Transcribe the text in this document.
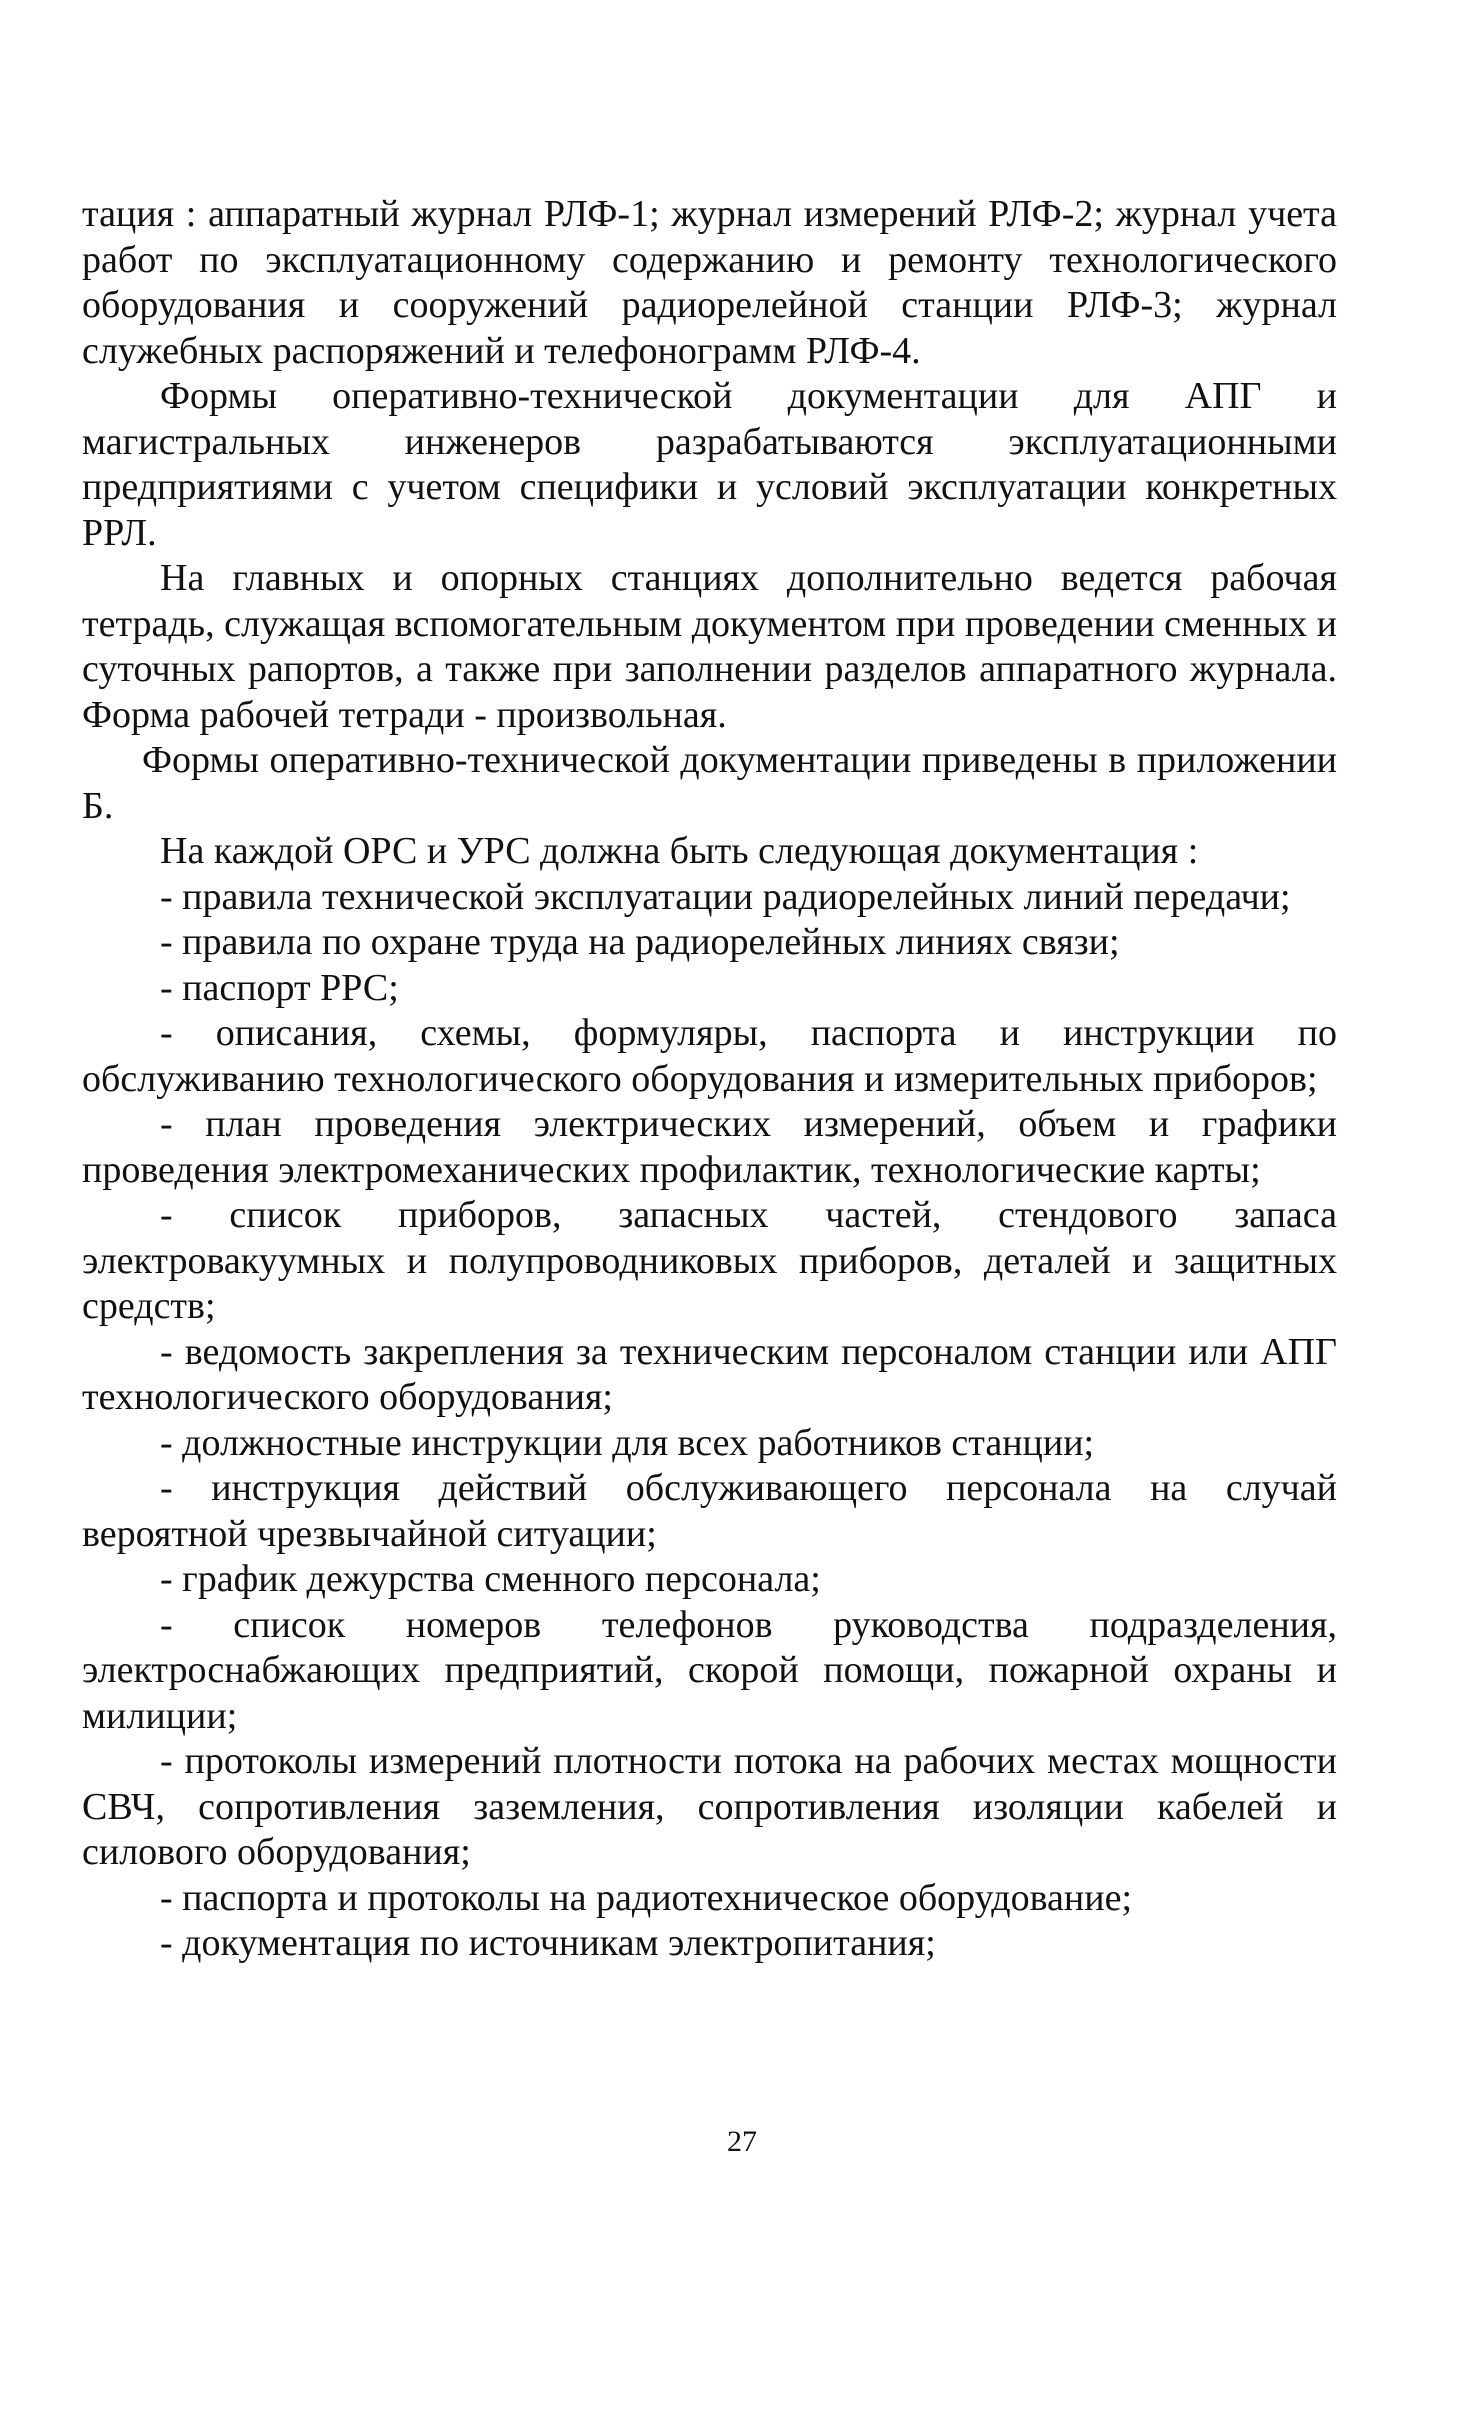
тация : аппаратный журнал РЛФ-1; журнал измерений РЛФ-2; журнал учета работ по эксплуатационному содержанию и ремонту технологического оборудования и сооружений радиорелейной станции РЛФ-3; журнал служебных распоряжений и телефонограмм РЛФ-4.

Формы оперативно-технической документации для АПГ и магистральных инженеров разрабатываются эксплуатационными предприятиями с учетом специфики и условий эксплуатации конкретных РРЛ.

На главных и опорных станциях дополнительно ведется рабочая тетрадь, служащая вспомогательным документом при проведении сменных и суточных рапортов, а также при заполнении разделов аппаратного журнала. Форма рабочей тетради - произвольная.

Формы оперативно-технической документации приведены в приложении Б.

На каждой ОРС и УРС должна быть следующая документация :

- правила технической эксплуатации радиорелейных линий передачи;

- правила по охране труда на радиорелейных линиях связи;

- паспорт РРС;

- описания, схемы, формуляры, паспорта и инструкции по обслуживанию технологического оборудования и измерительных приборов;

- план проведения электрических измерений, объем и графики проведения электромеханических профилактик, технологические карты;

- список приборов, запасных частей, стендового запаса электровакуумных и полупроводниковых приборов, деталей и защитных средств;

- ведомость закрепления за техническим персоналом станции или АПГ технологического оборудования;

- должностные инструкции для всех работников станции;

- инструкция действий обслуживающего персонала на случай вероятной чрезвычайной ситуации;

- график дежурства сменного персонала;

- список номеров телефонов руководства подразделения, электроснабжающих предприятий, скорой помощи, пожарной охраны и милиции;

- протоколы измерений плотности потока на рабочих местах мощности СВЧ, сопротивления заземления, сопротивления изоляции кабелей и силового оборудования;

- паспорта и протоколы на радиотехническое оборудование;

- документация по источникам электропитания;

27
